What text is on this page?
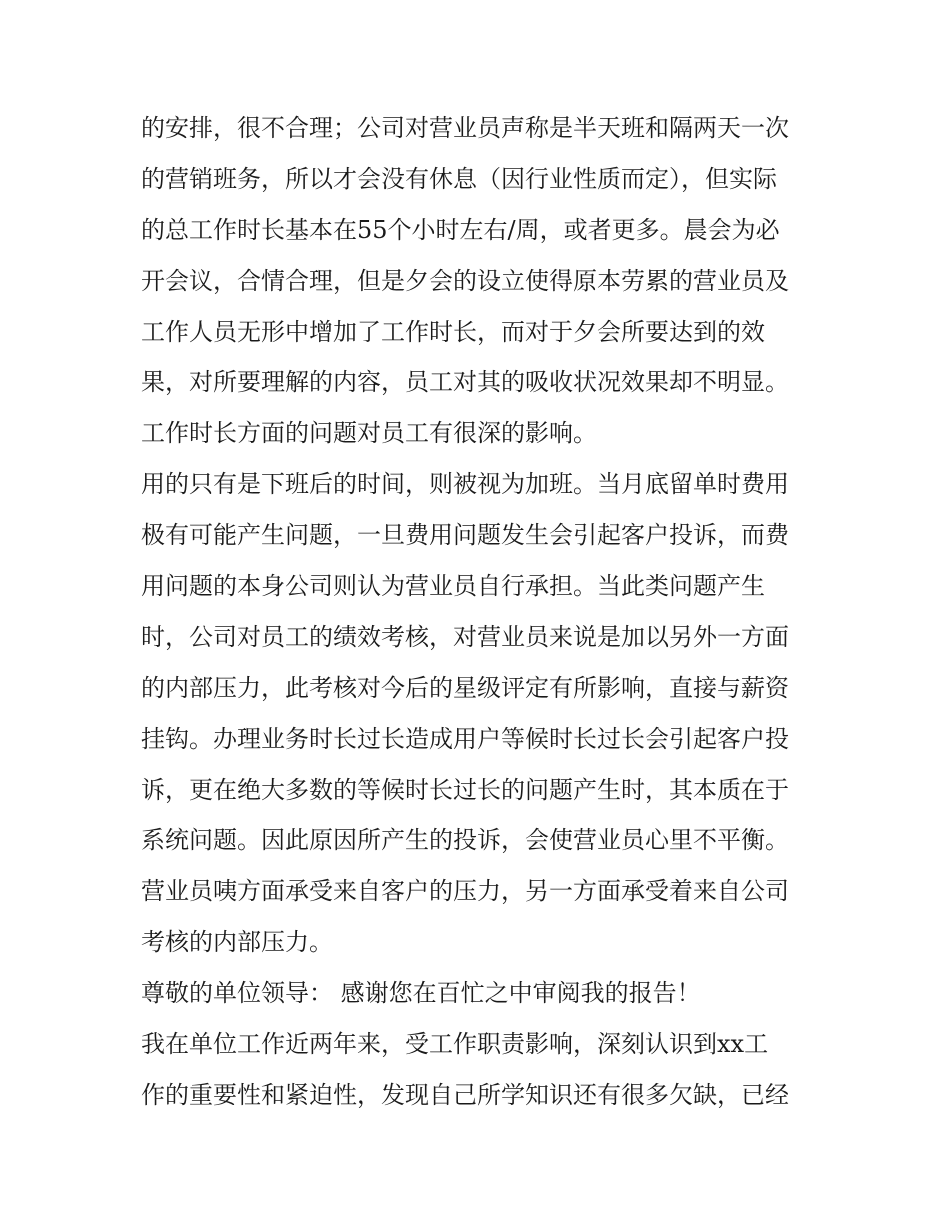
的安排，很不合理；公司对营业员声称是半天班和隔两天一次
的营销班务，所以才会没有休息（因行业性质而定），但实际
的总工作时长基本在55个小时左右/周，或者更多。晨会为必
开会议，合情合理，但是夕会的设立使得原本劳累的营业员及
工作人员无形中增加了工作时长，而对于夕会所要达到的效
果，对所要理解的内容，员工对其的吸收状况效果却不明显。
工作时长方面的问题对员工有很深的影响。
用的只有是下班后的时间，则被视为加班。当月底留单时费用
极有可能产生问题，一旦费用问题发生会引起客户投诉，而费
用问题的本身公司则认为营业员自行承担。当此类问题产生
时，公司对员工的绩效考核，对营业员来说是加以另外一方面
的内部压力，此考核对今后的星级评定有所影响，直接与薪资
挂钩。办理业务时长过长造成用户等候时长过长会引起客户投
诉，更在绝大多数的等候时长过长的问题产生时，其本质在于
系统问题。因此原因所产生的投诉，会使营业员心里不平衡。
营业员咦方面承受来自客户的压力，另一方面承受着来自公司
考核的内部压力。
尊敬的单位领导： 感谢您在百忙之中审阅我的报告！
我在单位工作近两年来，受工作职责影响，深刻认识到xx工
作的重要性和紧迫性，发现自己所学知识还有很多欠缺，已经
